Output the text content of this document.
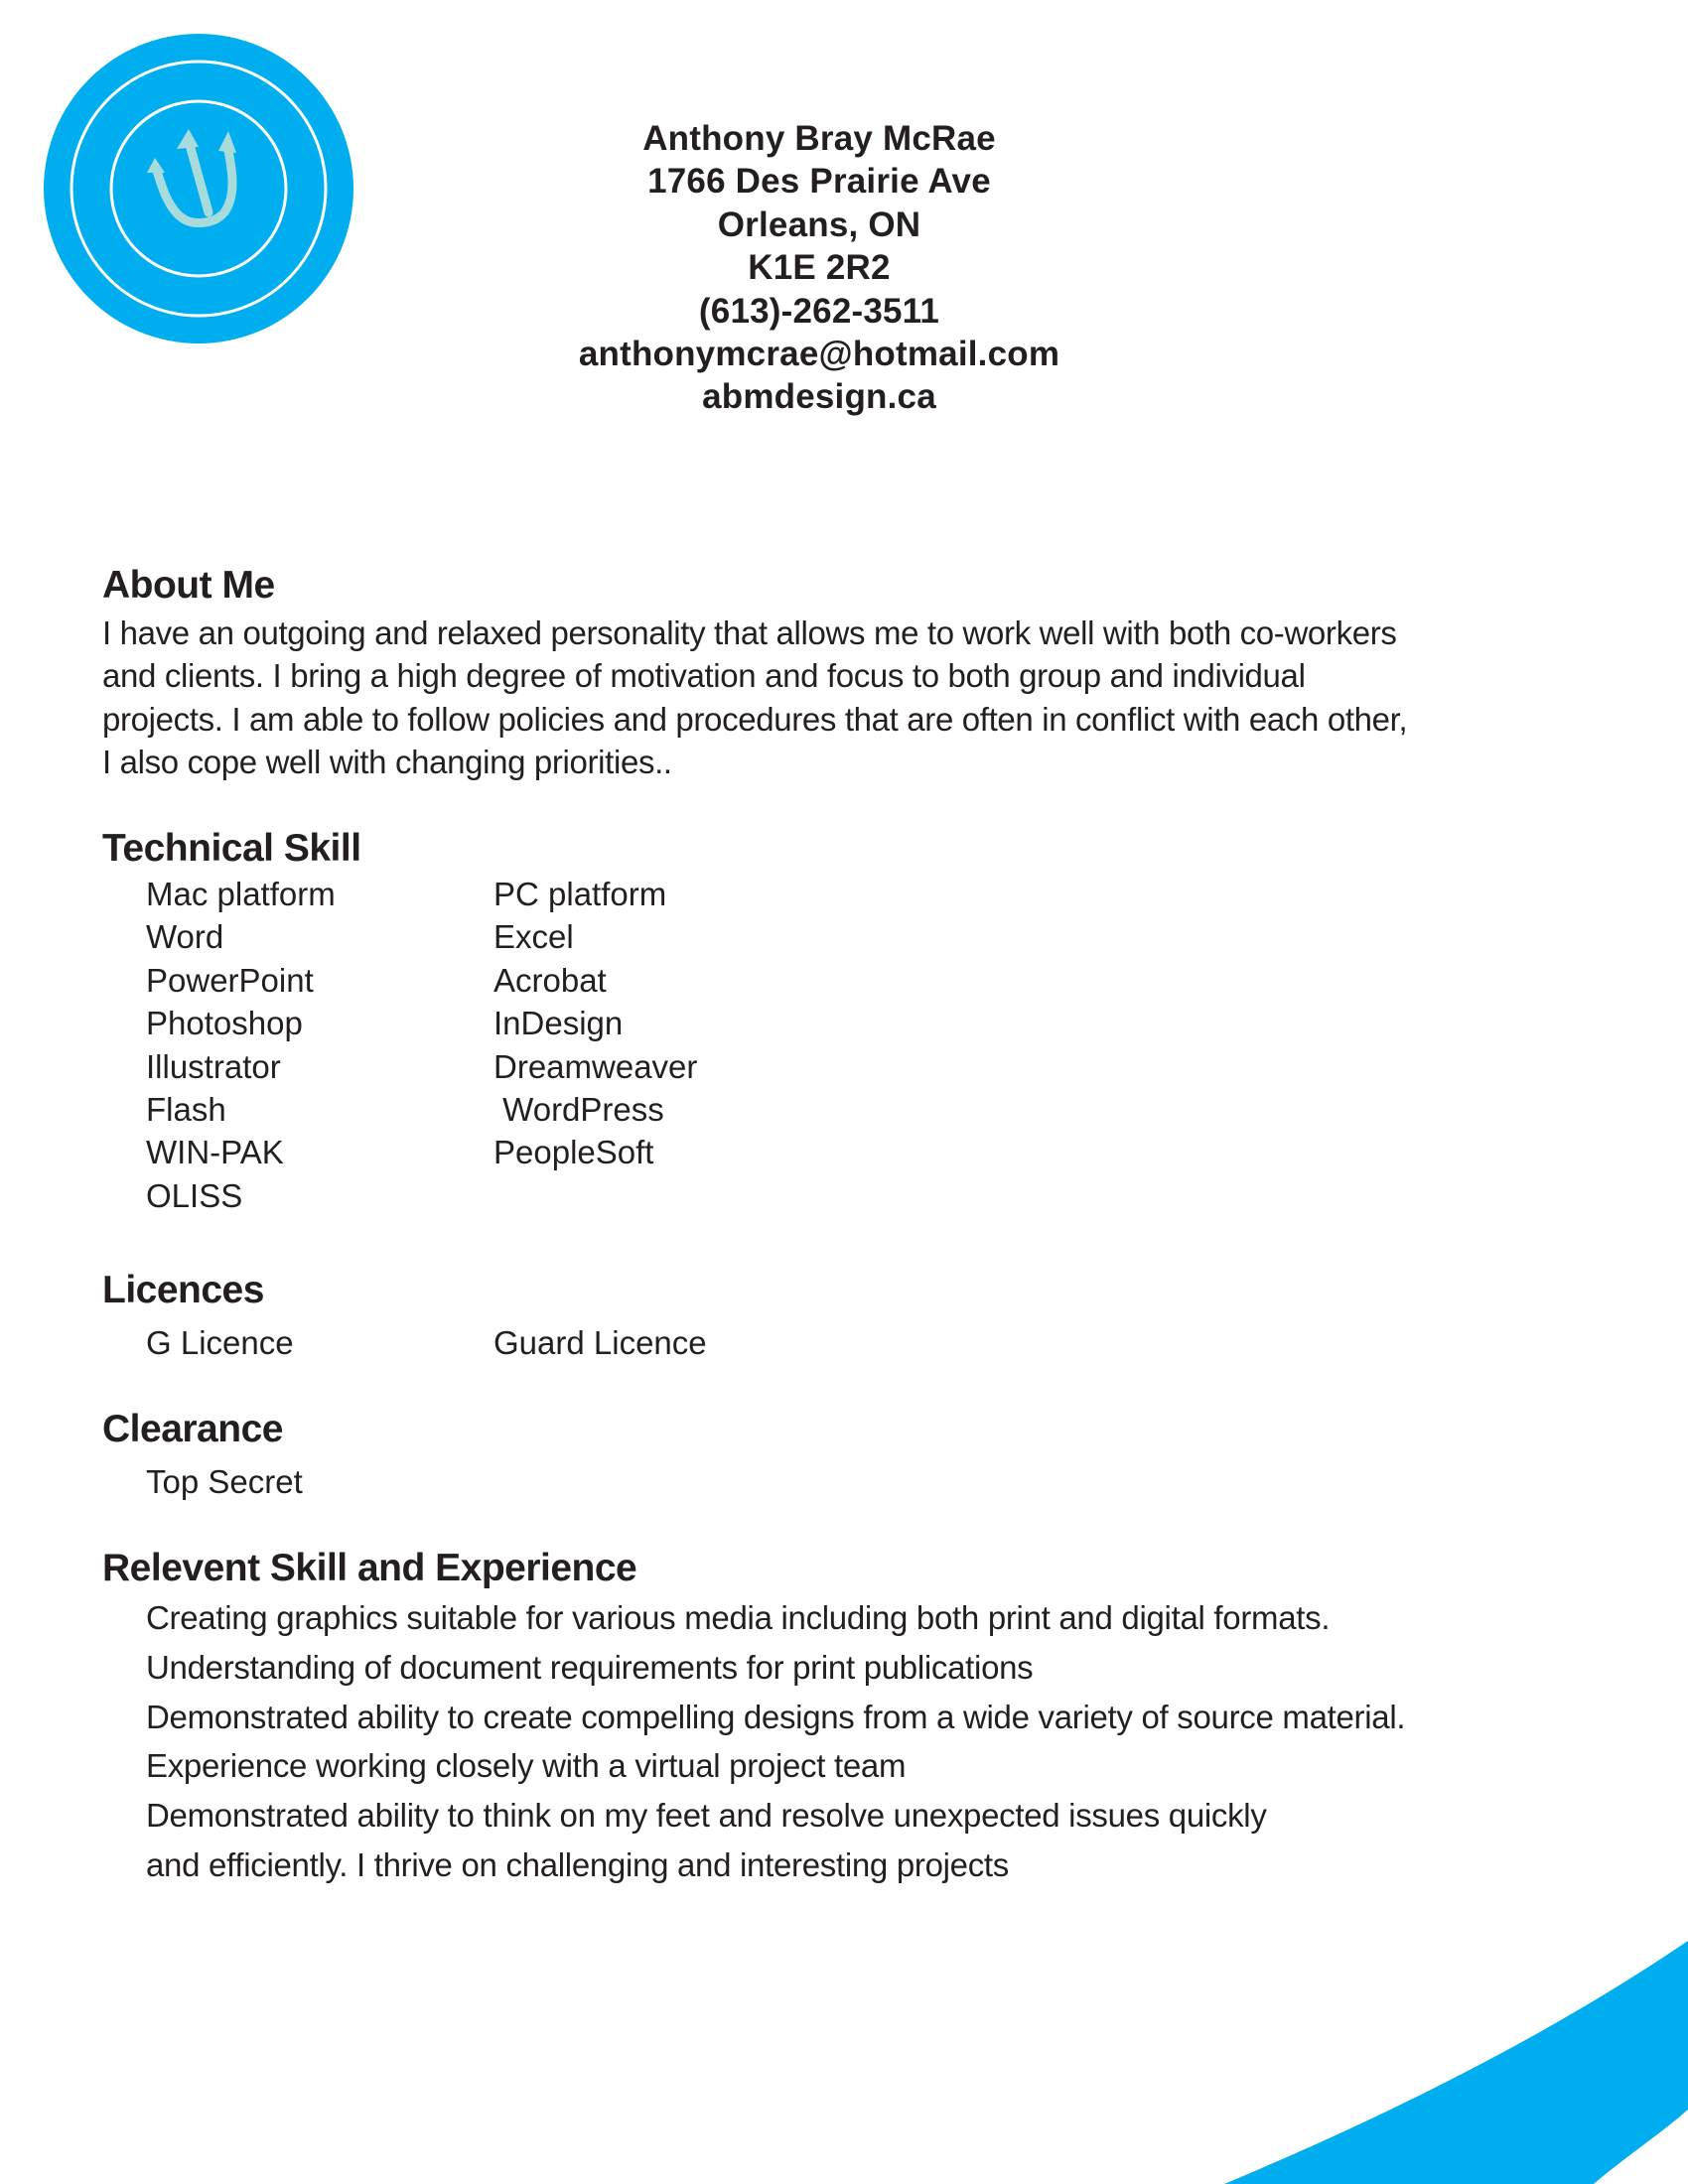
Anthony Bray McRae
1766 Des Prairie Ave
Orleans, ON
K1E 2R2
(613)-262-3511
anthonymcrae@hotmail.com
abmdesign.ca
About Me
I have an outgoing and relaxed personality that allows me to work well with both co-workers
and clients. I bring a high degree of motivation and focus to both group and individual
projects. I am able to follow policies and procedures that are often in conflict with each other,
I also cope well with changing priorities..
Technical Skill
Mac platform
Word
PowerPoint
Photoshop
Illustrator
Flash
WIN-PAK
OLISS
PC platform
Excel
Acrobat
InDesign
Dreamweaver
WordPress
PeopleSoft
Licences
G Licence	Guard Licence
Clearance
Top Secret
Relevent Skill and Experience
Creating graphics suitable for various media including both print and digital formats.
Understanding of document requirements for print publications
Demonstrated ability to create compelling designs from a wide variety of source material.
Experience working closely with a virtual project team
Demonstrated ability to think on my feet and resolve unexpected issues quickly
and efficiently. I thrive on challenging and interesting projects
